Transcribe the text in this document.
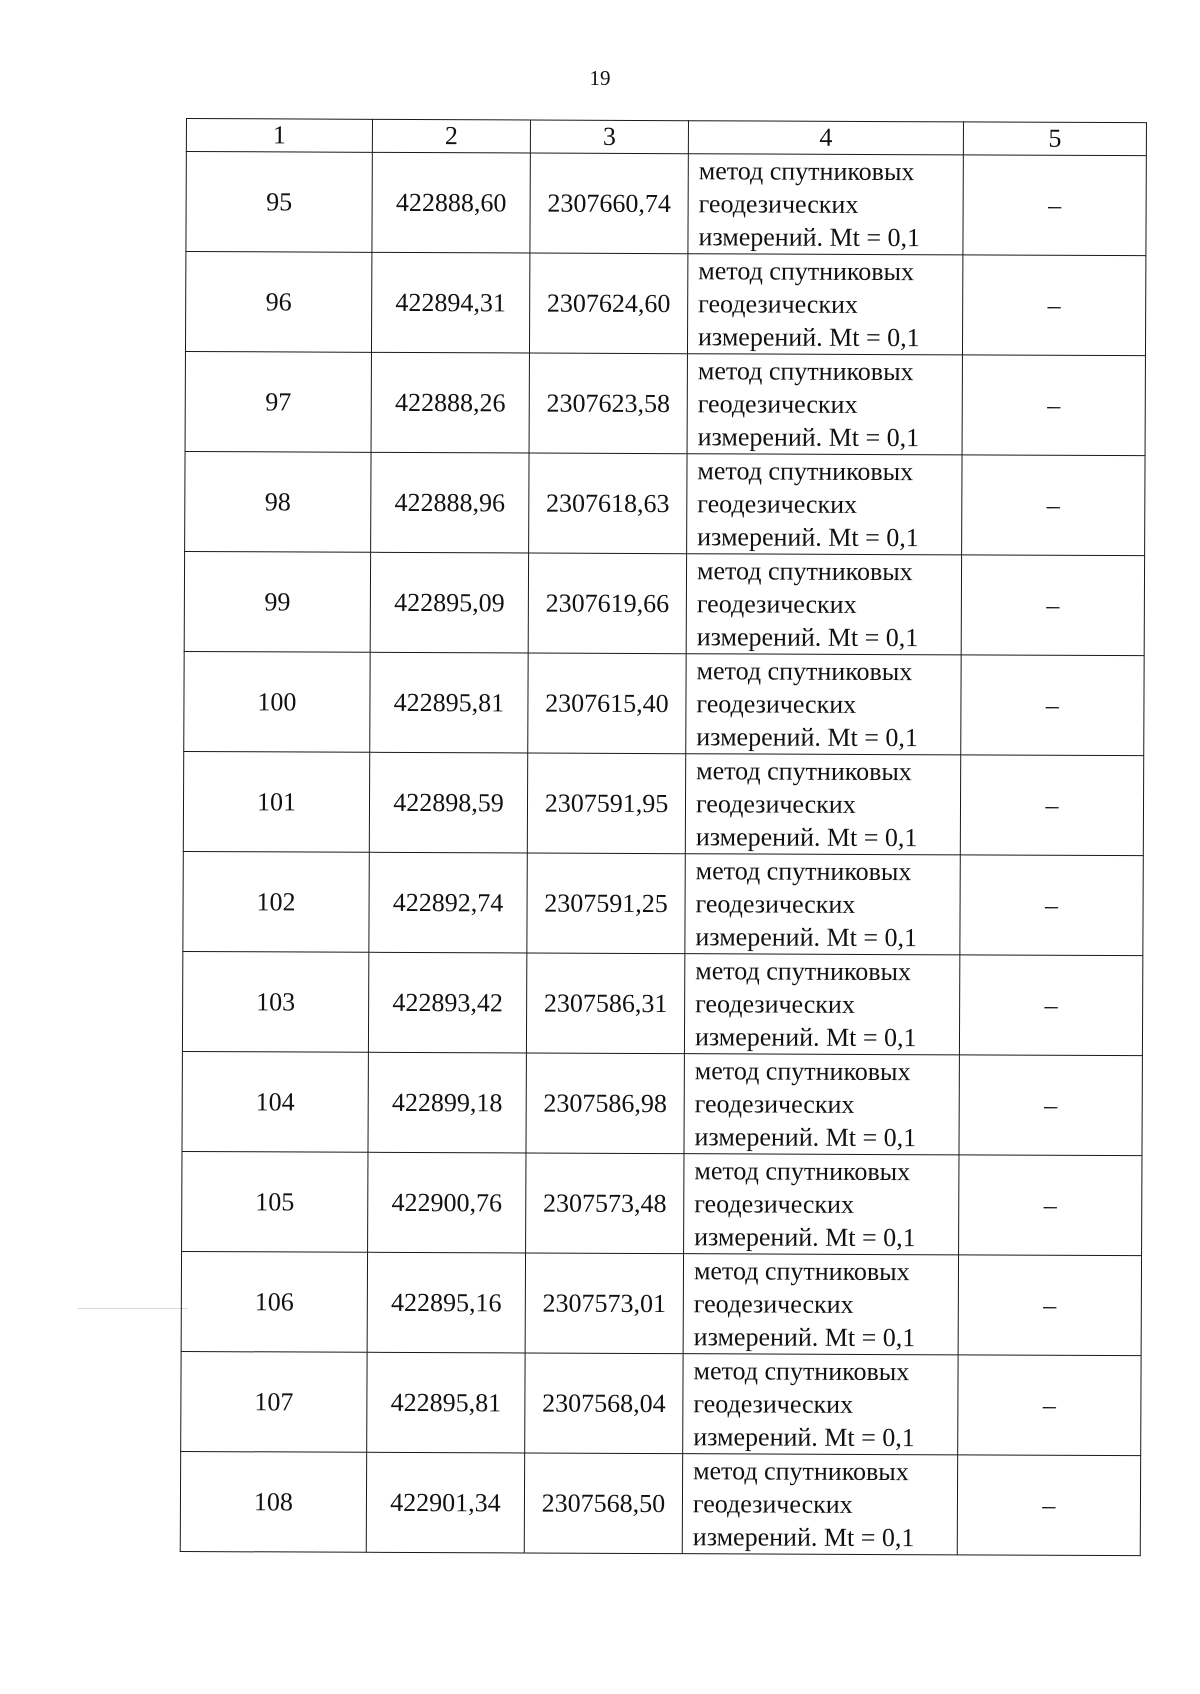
19
1	2	3	4	5
95	422888,60	2307660,74	метод спутниковых
геодезических
измерений. Mt = 0,1	–
96	422894,31	2307624,60	метод спутниковых
геодезических
измерений. Mt = 0,1	–
97	422888,26	2307623,58	метод спутниковых
геодезических
измерений. Mt = 0,1	–
98	422888,96	2307618,63	метод спутниковых
геодезических
измерений. Mt = 0,1	–
99	422895,09	2307619,66	метод спутниковых
геодезических
измерений. Mt = 0,1	–
100	422895,81	2307615,40	метод спутниковых
геодезических
измерений. Mt = 0,1	–
101	422898,59	2307591,95	метод спутниковых
геодезических
измерений. Mt = 0,1	–
102	422892,74	2307591,25	метод спутниковых
геодезических
измерений. Mt = 0,1	–
103	422893,42	2307586,31	метод спутниковых
геодезических
измерений. Mt = 0,1	–
104	422899,18	2307586,98	метод спутниковых
геодезических
измерений. Mt = 0,1	–
105	422900,76	2307573,48	метод спутниковых
геодезических
измерений. Mt = 0,1	–
106	422895,16	2307573,01	метод спутниковых
геодезических
измерений. Mt = 0,1	–
107	422895,81	2307568,04	метод спутниковых
геодезических
измерений. Mt = 0,1	–
108	422901,34	2307568,50	метод спутниковых
геодезических
измерений. Mt = 0,1	–
